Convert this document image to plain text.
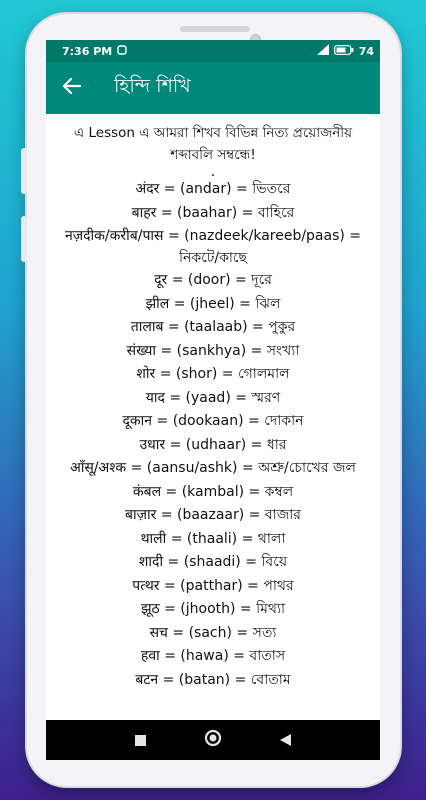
7:36 PM	74
হিন্দি শিখি
এ Lesson এ আমরা শিখব বিভিন্ন নিত্য প্রয়োজনীয় শব্দাবলি সম্বন্ধে!
.
अंदर = (andar) = ভিতরে
बाहर = (baahar) = বাহিরে
नज़दीक/करीब/पास = (nazdeek/kareeb/paas) = নিকটে/কাছে
दूर = (door) = দূরে
झील = (jheel) = ঝিল
तालाब = (taalaab) = পুকুর
संख्या = (sankhya) = সংখ্যা
शोर = (shor) = গোলমাল
याद = (yaad) = স্মরণ
दूकान = (dookaan) = দোকান
उधार = (udhaar) = ধার
आँसू/अश्क = (aansu/ashk) = অশ্রু/চোখের জল
कंबल = (kambal) = কম্বল
बाज़ार = (baazaar) = বাজার
थाली = (thaali) = থালা
शादी = (shaadi) = বিয়ে
पत्थर = (patthar) = পাথর
झूठ = (jhooth) = মিথ্যা
सच = (sach) = সত্য
हवा = (hawa) = বাতাস
बटन = (batan) = বোতাম
